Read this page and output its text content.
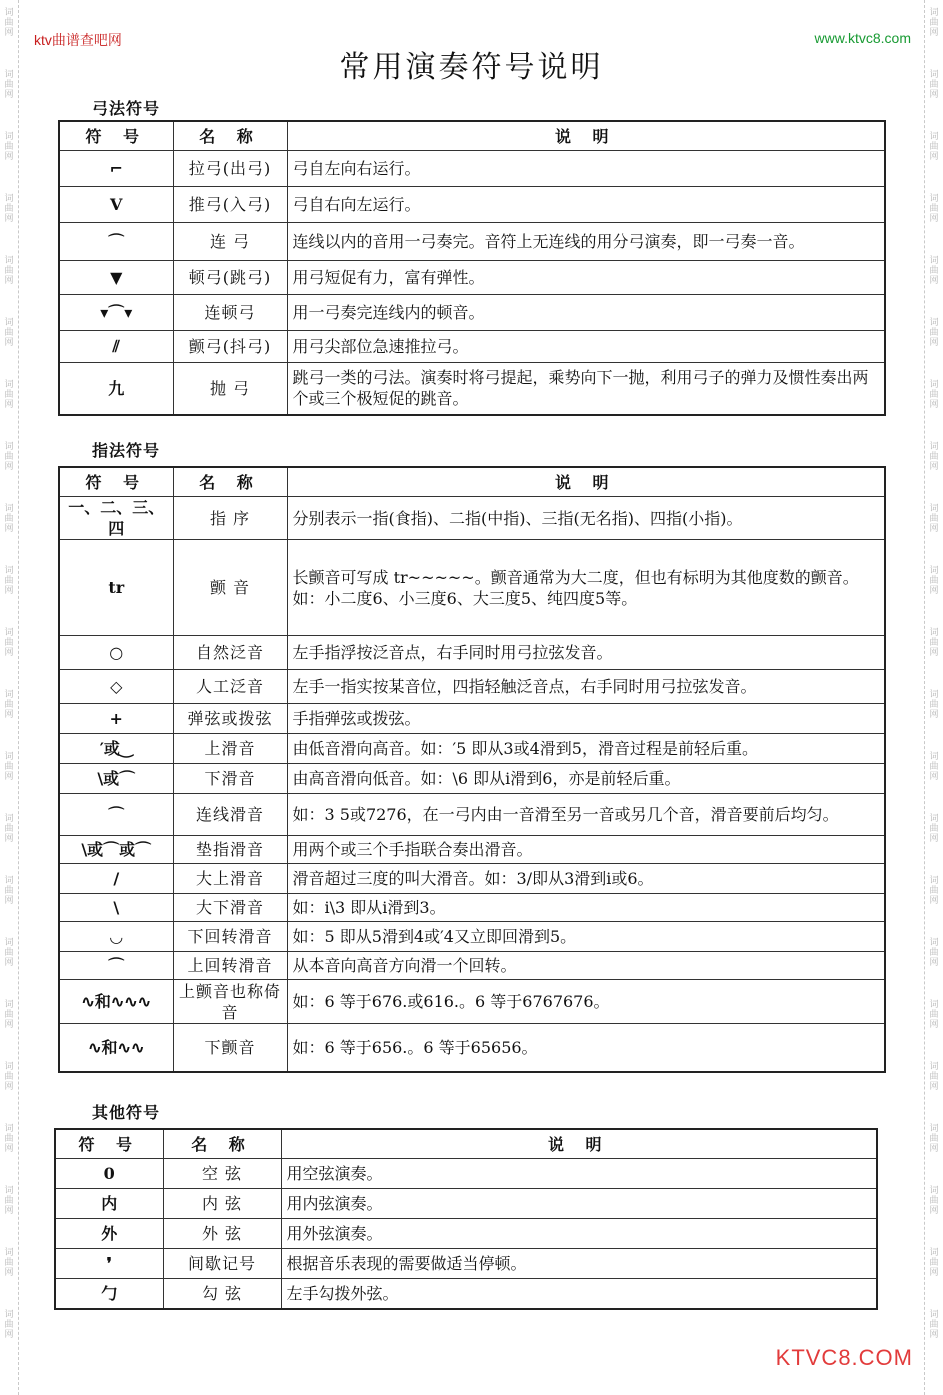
词
曲
网
词
曲
网
词
曲
网
词
曲
网
词
曲
网
词
曲
网
词
曲
网
词
曲
网
词
曲
网
词
曲
网
词
曲
网
词
曲
网
词
曲
网
词
曲
网
词
曲
网
词
曲
网
词
曲
网
词
曲
网
词
曲
网
词
曲
网
词
曲
网
词
曲
网
词
曲
网
词
曲
网
词
曲
网
词
曲
网
词
曲
网
词
曲
网
词
曲
网
词
曲
网
词
曲
网
词
曲
网
词
曲
网
词
曲
网
词
曲
网
词
曲
网
词
曲
网
词
曲
网
词
曲
网
词
曲
网
词
曲
网
词
曲
网
词
曲
网
词
曲
网
ktv曲谱查吧网	www.ktvc8.com
常用演奏符号说明
弓法符号
符 号	名 称	说 明
⌐	拉弓(出弓)	弓自左向右运行。
V	推弓(入弓)	弓自右向左运行。
⌒	连 弓	连线以内的音用一弓奏完。音符上无连线的用分弓演奏，即一弓奏一音。
▼	顿弓(跳弓)	用弓短促有力，富有弹性。
▾⌒▾	连顿弓	用一弓奏完连线内的顿音。
⫽	颤弓(抖弓)	用弓尖部位急速推拉弓。
九	抛 弓	跳弓一类的弓法。演奏时将弓提起，乘势向下一抛，利用弓子的弹力及惯性奏出两个或三个极短促的跳音。
指法符号
符 号	名 称	说 明
一、二、三、四	指 序	分别表示一指(食指)、二指(中指)、三指(无名指)、四指(小指)。
tr	颤 音	长颤音可写成 tr~~~~~。颤音通常为大二度，但也有标明为其他度数的颤音。如：小二度6、小三度6、大三度5、纯四度5等。
○	自然泛音	左手指浮按泛音点，右手同时用弓拉弦发音。
◇	人工泛音	左手一指实按某音位，四指轻触泛音点，右手同时用弓拉弦发音。
+	弹弦或拨弦	手指弹弦或拨弦。
′或‿	上滑音	由低音滑向高音。如：′5 即从3或4滑到5，滑音过程是前轻后重。
\或⌒	下滑音	由高音滑向低音。如：\6 即从i滑到6，亦是前轻后重。
⌒	连线滑音	如：3 5或7276，在一弓内由一音滑至另一音或另几个音，滑音要前后均匀。
\或⌒或⌒	垫指滑音	用两个或三个手指联合奏出滑音。
/	大上滑音	滑音超过三度的叫大滑音。如：3/即从3滑到i或6。
\	大下滑音	如：i\3 即从i滑到3。
◡	下回转滑音	如：5 即从5滑到4或′4又立即回滑到5。
⌒	上回转滑音	从本音向高音方向滑一个回转。
∿和∿∿∿	上颤音也称倚音	如：6 等于676.或616.。6 等于6767676。
∿和∿∿	下颤音	如：6 等于656.。6 等于65656。
其他符号
符 号	名 称	说 明
0	空 弦	用空弦演奏。
内	内 弦	用内弦演奏。
外	外 弦	用外弦演奏。
❜	间歇记号	根据音乐表现的需要做适当停顿。
勹	勾 弦	左手勾拨外弦。
KTVC8.COM
